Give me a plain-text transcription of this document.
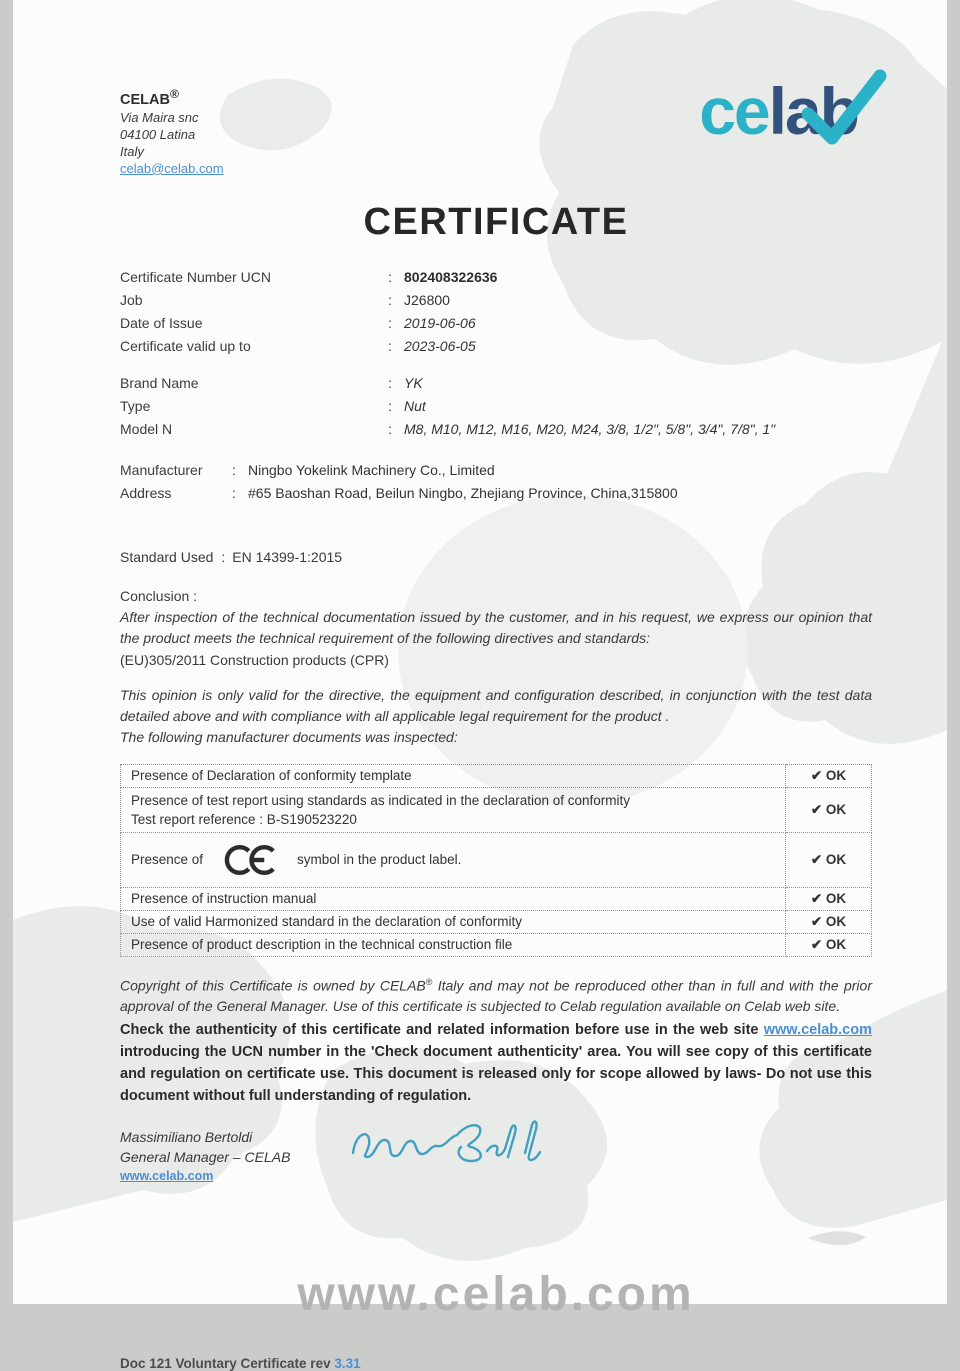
CELAB®
Via Maira snc
04100 Latina
Italy
celab@celab.com
celab
CERTIFICATE
Certificate Number UCN	: 802408322636
Job	: J26800
Date of Issue	: 2019-06-06
Certificate valid up to	: 2023-06-05
Brand Name	: YK
Type	: Nut
Model N	: M8, M10, M12, M16, M20, M24, 3/8, 1/2", 5/8", 3/4", 7/8", 1"
Manufacturer	: Ningbo Yokelink Machinery Co., Limited
Address	: #65 Baoshan Road, Beilun Ningbo, Zhejiang Province, China,315800
Standard Used : EN 14399-1:2015

Conclusion :

After inspection of the technical documentation issued by the customer, and in his request, we express our opinion that the product meets the technical requirement of the following directives and standards:

(EU)305/2011 Construction products (CPR)

This opinion is only valid for the directive, the equipment and configuration described, in conjunction with the test data detailed above and with compliance with all applicable legal requirement for the product .

The following manufacturer documents was inspected:

Presence of Declaration of conformity template	✔ OK

Presence of test report using standards as indicated in the declaration of conformity
Test report reference : B-S190523220	✔ OK

Presence of symbol in the product label.	✔ OK
Presence of instruction manual	✔ OK
Use of valid Harmonized standard in the declaration of conformity	✔ OK
Presence of product description in the technical construction file	✔ OK

Copyright of this Certificate is owned by CELAB® Italy and may not be reproduced other than in full and with the prior approval of the General Manager. Use of this certificate is subjected to Celab regulation available on Celab web site.

Check the authenticity of this certificate and related information before use in the web site www.celab.com introducing the UCN number in the 'Check document authenticity' area. You will see copy of this certificate and regulation on certificate use. This document is released only for scope allowed by laws- Do not use this document without full understanding of regulation.

Massimiliano Bertoldi
General Manager – CELAB
www.celab.com
www.celab.com
Doc 121 Voluntary Certificate rev 3.31
